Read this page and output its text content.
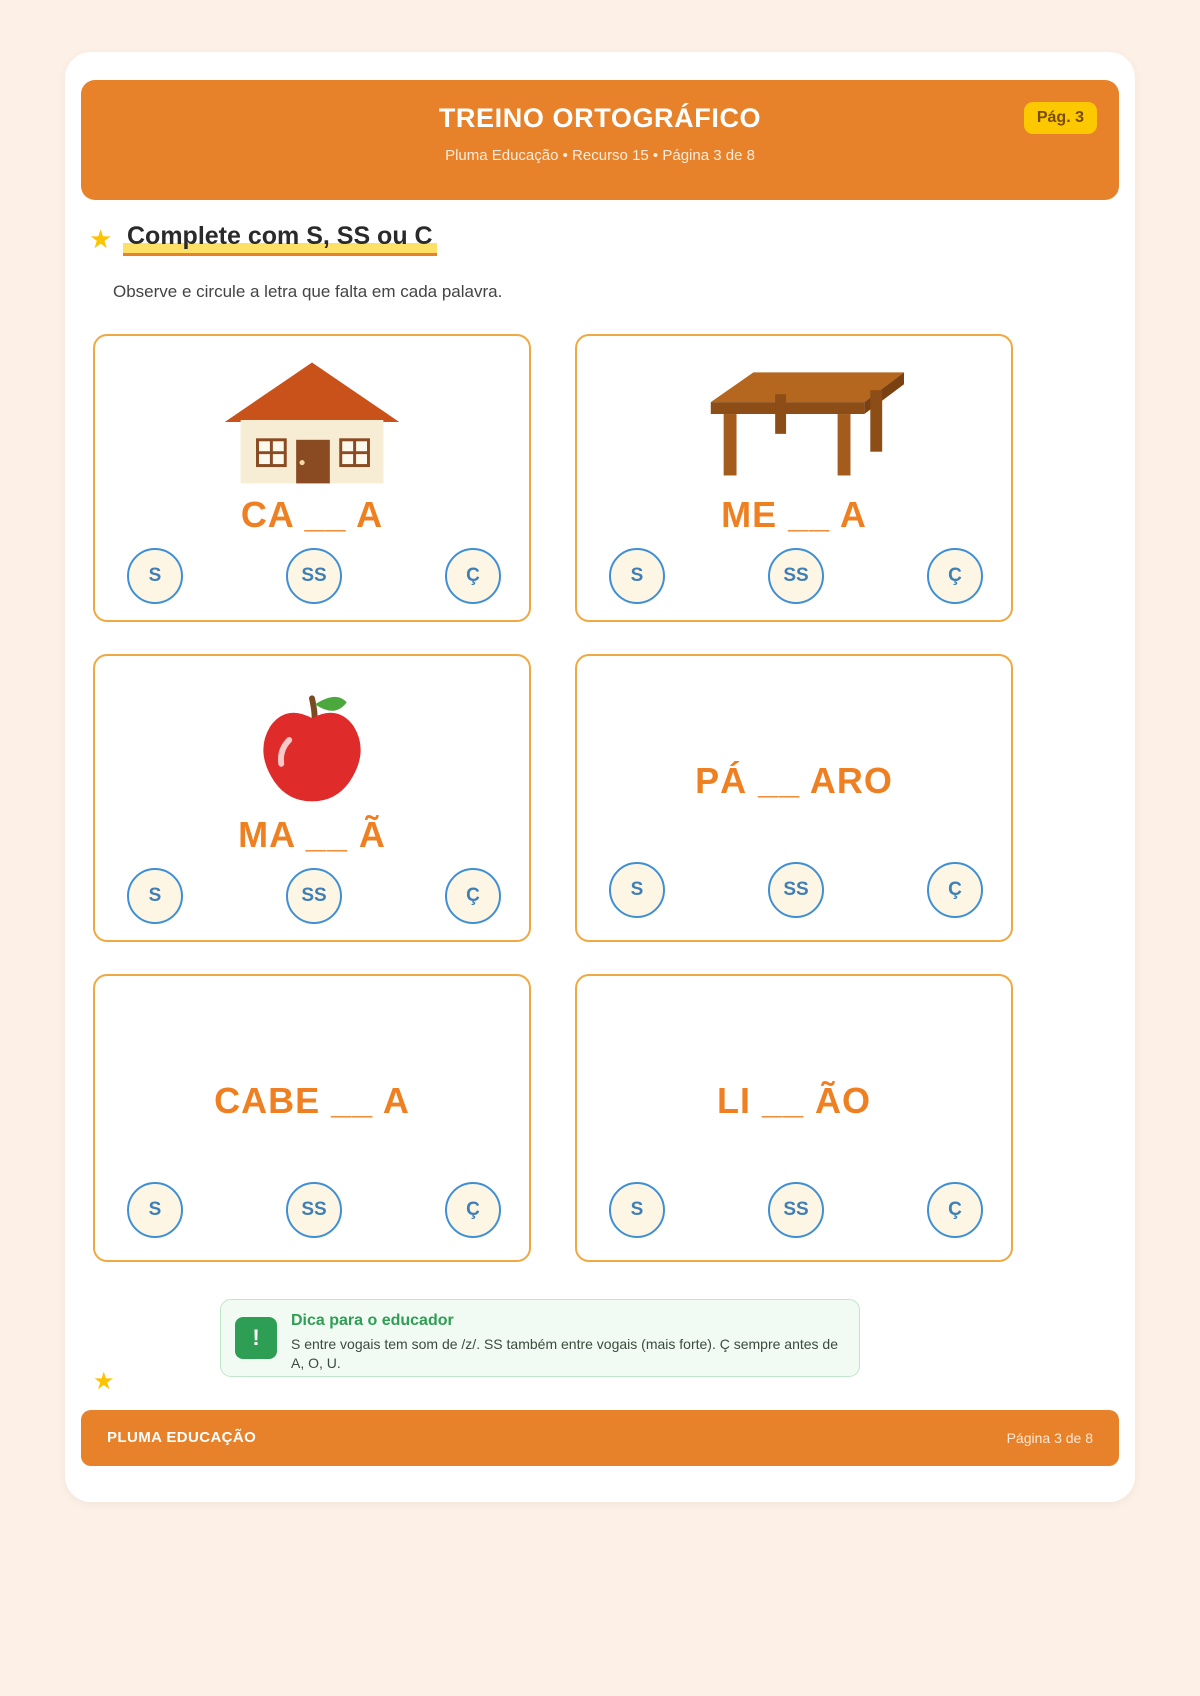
TREINO ORTOGRÁFICO
Pluma Educação • Recurso 15 • Página 3 de 8
Pág. 3
★ Complete com S, SS ou C
Observe e circule a letra que falta em cada palavra.
CA __ A
S	SS	Ç
ME __ A
S	SS	Ç
MA __ Ã
S	SS	Ç
PÁ __ ARO
S	SS	Ç
CABE __ A
S	SS	Ç
LI __ ÃO
S	SS	Ç
!
Dica para o educador
S entre vogais tem som de /z/. SS também entre vogais (mais forte). Ç sempre antes de A, O, U.
★
PLUMA EDUCAÇÃO	Página 3 de 8
